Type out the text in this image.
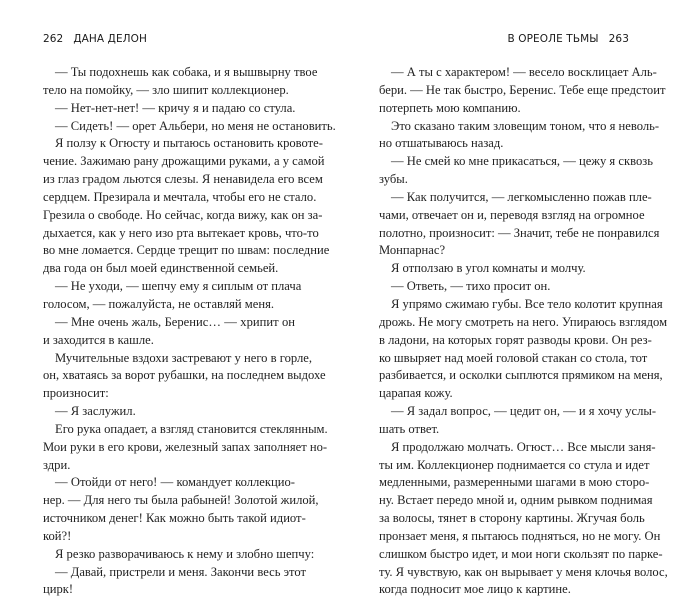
262 ДАНА ДЕЛОН
— Ты подохнешь как собака, и я вышвырну твое
тело на помойку, — зло шипит коллекционер.
— Нет-нет-нет! — кричу я и падаю со стула.
— Сидеть! — орет Альбери, но меня не остановить.
Я ползу к Огюсту и пытаюсь остановить кровоте-
чение. Зажимаю рану дрожащими руками, а у самой
из глаз градом льются слезы. Я ненавидела его всем
сердцем. Презирала и мечтала, чтобы его не стало.
Грезила о свободе. Но сейчас, когда вижу, как он за-
дыхается, как у него изо рта вытекает кровь, что-то
во мне ломается. Сердце трещит по швам: последние
два года он был моей единственной семьей.
— Не уходи, — шепчу ему я сиплым от плача
голосом, — пожалуйста, не оставляй меня.
— Мне очень жаль, Беренис… — хрипит он
и заходится в кашле.
Мучительные вздохи застревают у него в горле,
он, хватаясь за ворот рубашки, на последнем выдохе
произносит:
— Я заслужил.
Его рука опадает, а взгляд становится стеклянным.
Мои руки в его крови, железный запах заполняет но-
здри.
— Отойди от него! — командует коллекцио-
нер. — Для него ты была рабыней! Золотой жилой,
источником денег! Как можно быть такой идиот-
кой?!
Я резко разворачиваюсь к нему и злобно шепчу:
— Давай, пристрели и меня. Закончи весь этот
цирк!
В ОРЕОЛЕ ТЬМЫ 263
— А ты с характером! — весело восклицает Аль-
бери. — Не так быстро, Беренис. Тебе еще предстоит
потерпеть мою компанию.
Это сказано таким зловещим тоном, что я неволь-
но отшатываюсь назад.
— Не смей ко мне прикасаться, — цежу я сквозь
зубы.
— Как получится, — легкомысленно пожав пле-
чами, отвечает он и, переводя взгляд на огромное
полотно, произносит: — Значит, тебе не понравился
Монпарнас?
Я отползаю в угол комнаты и молчу.
— Ответь, — тихо просит он.
Я упрямо сжимаю губы. Все тело колотит крупная
дрожь. Не могу смотреть на него. Упираюсь взглядом
в ладони, на которых горят разводы крови. Он рез-
ко швыряет над моей головой стакан со стола, тот
разбивается, и осколки сыплются прямиком на меня,
царапая кожу.
— Я задал вопрос, — цедит он, — и я хочу услы-
шать ответ.
Я продолжаю молчать. Огюст… Все мысли заня-
ты им. Коллекционер поднимается со стула и идет
медленными, размеренными шагами в мою сторо-
ну. Встает передо мной и, одним рывком поднимая
за волосы, тянет в сторону картины. Жгучая боль
пронзает меня, я пытаюсь подняться, но не могу. Он
слишком быстро идет, и мои ноги скользят по парке-
ту. Я чувствую, как он вырывает у меня клочья волос,
когда подносит мое лицо к картине.
